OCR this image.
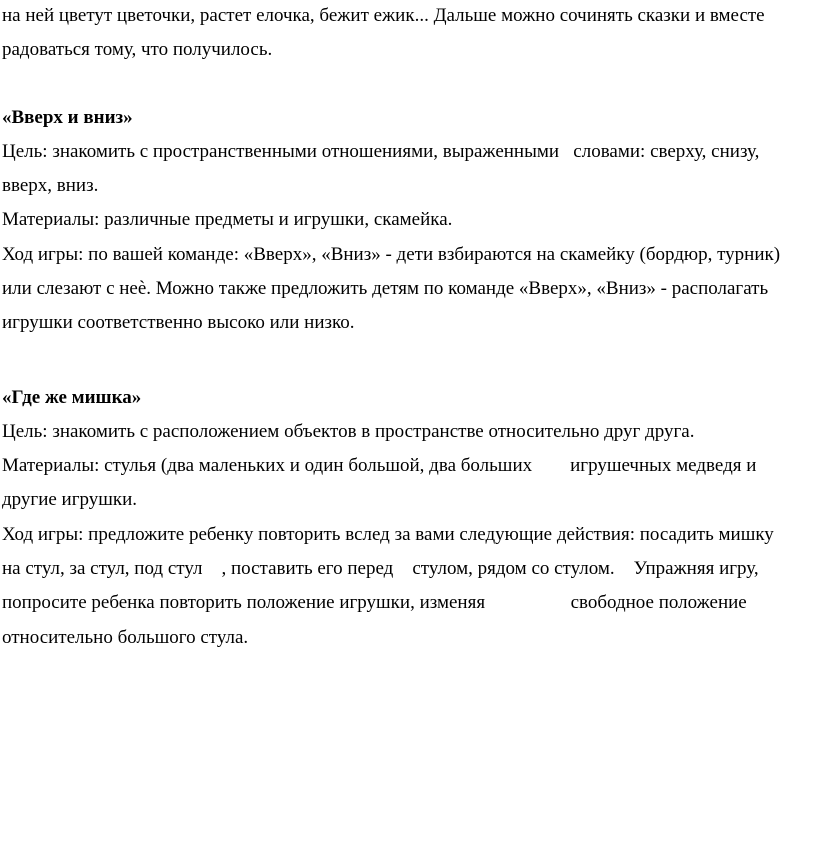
на ней цветут цветочки, растет елочка, бежит ежик... Дальше можно сочинять сказки и вместе
радоваться тому, что получилось.
«Вверх и вниз»
Цель: знакомить с пространственными отношениями, выраженными   словами: сверху, снизу,
вверх, вниз.
Материалы: различные предметы и игрушки, скамейка.
Ход игры: по вашей команде: «Вверх», «Вниз» - дети взбираются на скамейку (бордюр, турник)
или слезают с неѐ. Можно также предложить детям по команде «Вверх», «Вниз» - располагать
игрушки соответственно высоко или низко.
«Где же мишка»
Цель: знакомить с расположением объектов в пространстве относительно друг друга.
Материалы: стулья (два маленьких и один большой, два больших        игрушечных медведя и
другие игрушки.
Ход игры: предложите ребенку повторить вслед за вами следующие действия: посадить мишку
на стул, за стул, под стул    , поставить его перед    стулом, рядом со стулом.    Упражняя игру,
попросите ребенка повторить положение игрушки, изменяя                  свободное положение
относительно большого стула.
